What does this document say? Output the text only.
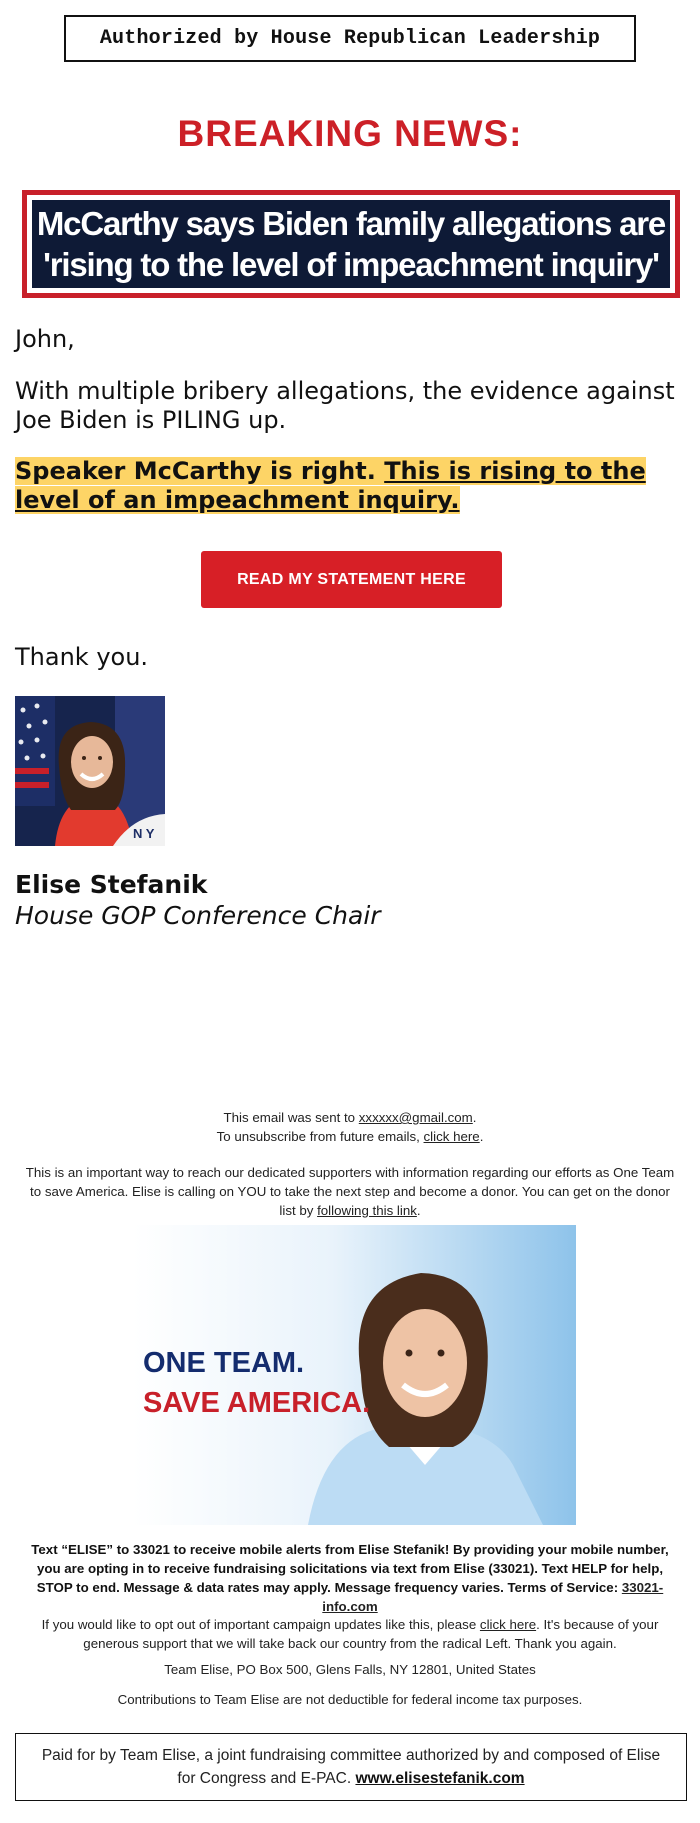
Authorized by House Republican Leadership
BREAKING NEWS:
McCarthy says Biden family allegations are
'rising to the level of impeachment inquiry'
John,
With multiple bribery allegations, the evidence against Joe Biden is PILING up.
Speaker McCarthy is right. This is rising to the level of an impeachment inquiry.
READ MY STATEMENT HERE
Thank you.
N Y
Elise Stefanik
House GOP Conference Chair
This email was sent to xxxxxx@gmail.com.
To unsubscribe from future emails, click here.
This is an important way to reach our dedicated supporters with information regarding our efforts as One Team to save America. Elise is calling on YOU to take the next step and become a donor. You can get on the donor list by following this link.
ONE TEAM.
SAVE AMERICA.
Text “ELISE” to 33021 to receive mobile alerts from Elise Stefanik! By providing your mobile number, you are opting in to receive fundraising solicitations via text from Elise (33021). Text HELP for help, STOP to end. Message & data rates may apply. Message frequency varies. Terms of Service: 33021-info.com
If you would like to opt out of important campaign updates like this, please click here. It's because of your generous support that we will take back our country from the radical Left. Thank you again.
Team Elise, PO Box 500, Glens Falls, NY 12801, United States
Contributions to Team Elise are not deductible for federal income tax purposes.
Paid for by Team Elise, a joint fundraising committee authorized by and composed of Elise for Congress and E-PAC. www.elisestefanik.com
